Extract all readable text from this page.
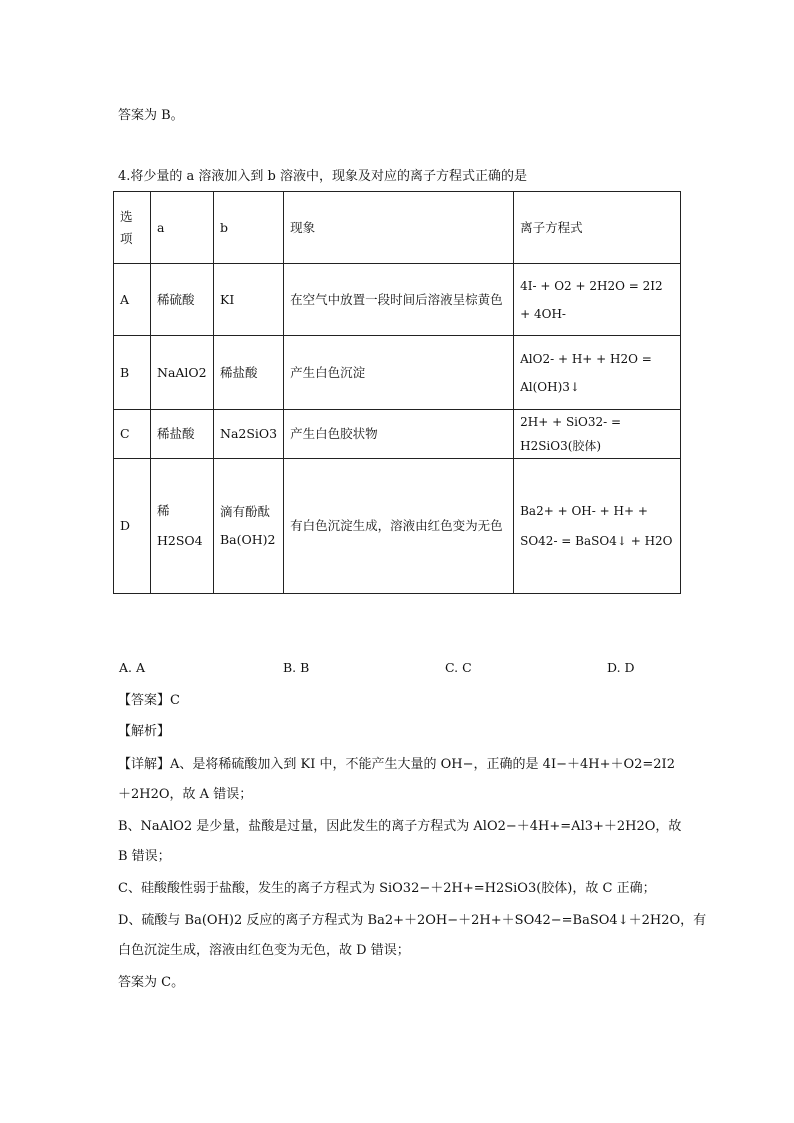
答案为 B。
4.将少量的 a 溶液加入到 b 溶液中，现象及对应的离子方程式正确的是
选项	a	b	现象	离子方程式
A	稀硫酸	KI	在空气中放置一段时间后溶液呈棕黄色	4I- + O2 + 2H2O = 2I2 + 4OH-
B	NaAlO2	稀盐酸	产生白色沉淀	AlO2- + H+ + H2O = Al(OH)3↓
C	稀盐酸	Na2SiO3	产生白色胶状物	2H+ + SiO32- = H2SiO3(胶体)
D	稀H2SO4	滴有酚酞Ba(OH)2	有白色沉淀生成，溶液由红色变为无色	Ba2+ + OH- + H+ + SO42- = BaSO4↓ + H2O
A. A	B. B	C. C	D. D
【答案】C
【解析】
【详解】A、是将稀硫酸加入到 KI 中，不能产生大量的 OH−，正确的是 4I−＋4H+＋O2=2I2
＋2H2O，故 A 错误；
B、NaAlO2 是少量，盐酸是过量，因此发生的离子方程式为 AlO2−＋4H+=Al3+＋2H2O，故
B 错误；
C、硅酸酸性弱于盐酸，发生的离子方程式为 SiO32−＋2H+=H2SiO3(胶体)，故 C 正确；
D、硫酸与 Ba(OH)2 反应的离子方程式为 Ba2+＋2OH−＋2H+＋SO42−=BaSO4↓＋2H2O，有
白色沉淀生成，溶液由红色变为无色，故 D 错误；
答案为 C。
